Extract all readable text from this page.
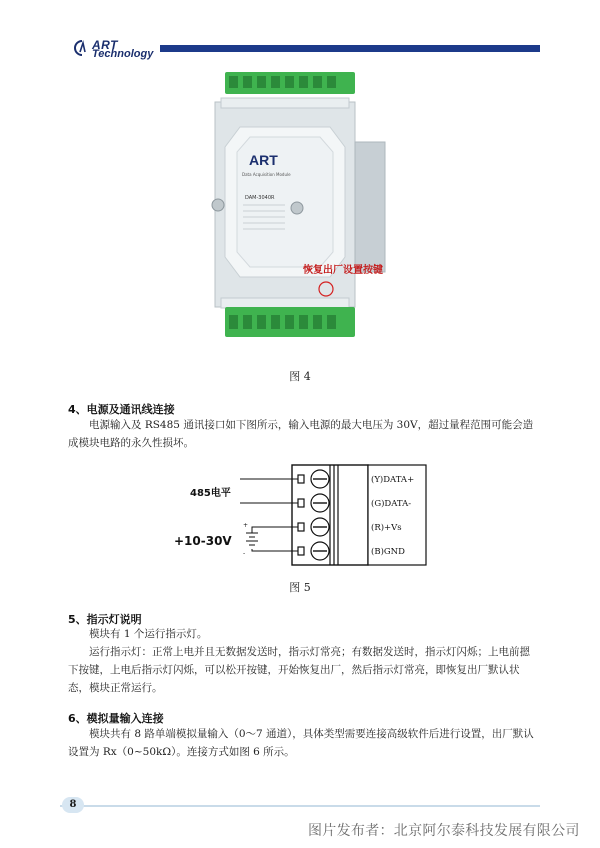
ART
Technology
ART
Data Acquisition Module
DAM-3040R
恢复出厂设置按键
图 4
4、电源及通讯线连接
电源输入及 RS485 通讯接口如下图所示，输入电源的最大电压为 30V，超过量程范围可能会造成模块电路的永久性损坏。
+
-
485电平
+10-30V
(Y)DATA+
(G)DATA-
(R)+Vs
(B)GND
图 5
5、指示灯说明
模块有 1 个运行指示灯。
运行指示灯：正常上电并且无数据发送时，指示灯常亮；有数据发送时，指示灯闪烁；上电前摁下按键，上电后指示灯闪烁，可以松开按键，开始恢复出厂，然后指示灯常亮，即恢复出厂默认状态，模块正常运行。
6、模拟量输入连接
模块共有 8 路单端模拟量输入（0～7 通道），具体类型需要连接高级软件后进行设置，出厂默认设置为 Rx（0~50kΩ）。连接方式如图 6 所示。
8
图片发布者：北京阿尔泰科技发展有限公司
